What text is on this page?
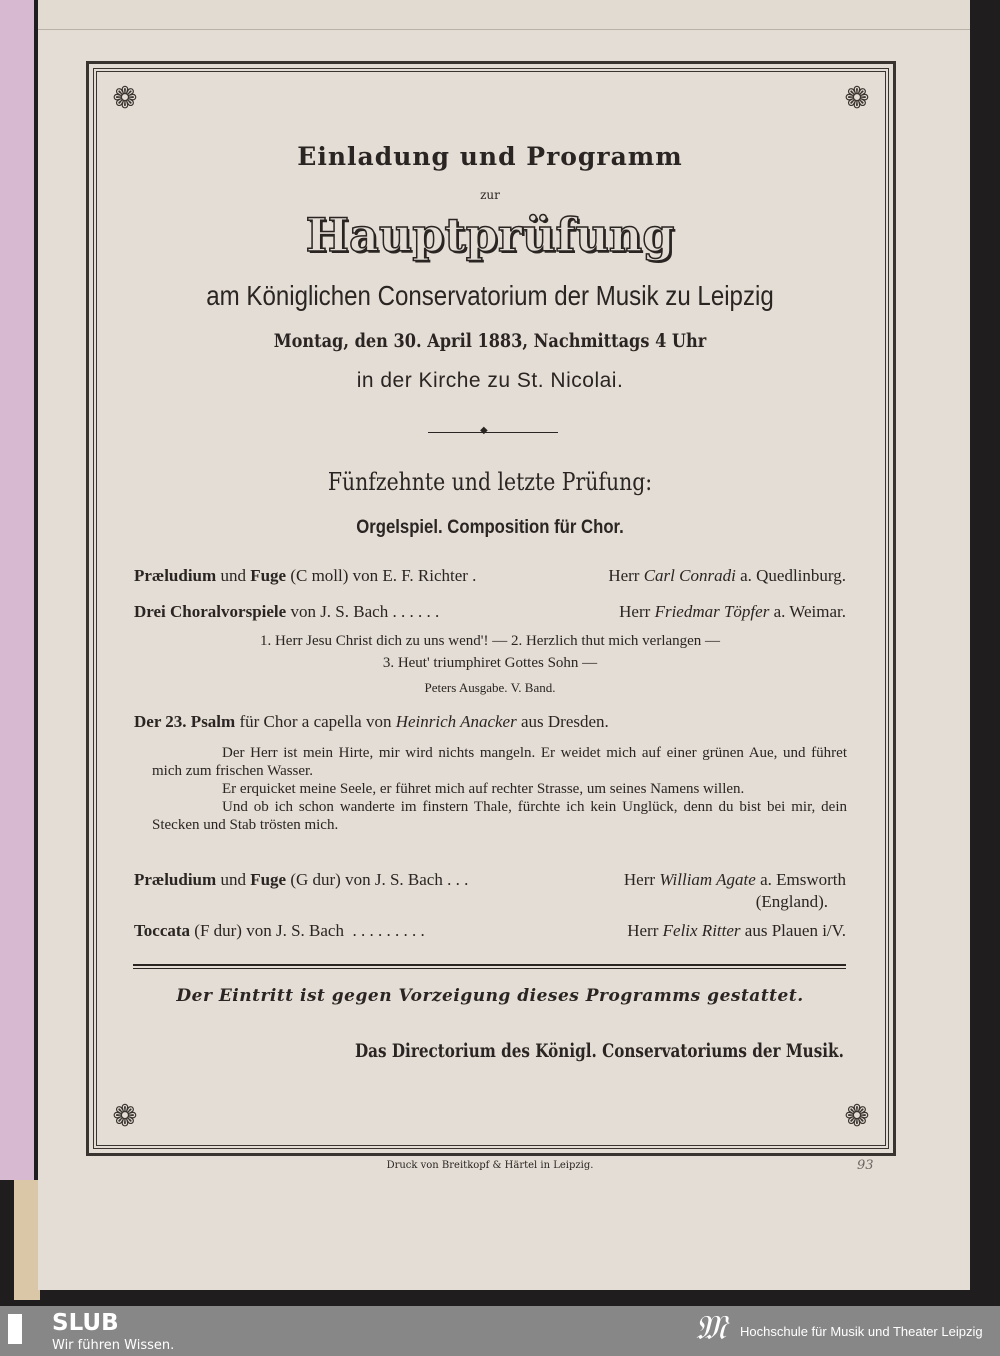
❁	❁
❁	❁
Einladung und Programm
zur
Hauptprüfung
am Königlichen Conservatorium der Musik zu Leipzig
Montag, den 30. April 1883, Nachmittags 4 Uhr
in der Kirche zu St. Nicolai.
◆
Fünfzehnte und letzte Prüfung:
Orgelspiel. Composition für Chor.
Præludium und Fuge (C moll) von E. F. Richter .	Herr Carl Conradi a. Quedlinburg.
Drei Choralvorspiele von J. S. Bach . . . . . .	Herr Friedmar Töpfer a. Weimar.
1. Herr Jesu Christ dich zu uns wend'! — 2. Herzlich thut mich verlangen —
3. Heut' triumphiret Gottes Sohn —
Peters Ausgabe. V. Band.
Der 23. Psalm für Chor a capella von Heinrich Anacker aus Dresden.

Der Herr ist mein Hirte, mir wird nichts mangeln. Er weidet mich auf einer grünen Aue, und führet mich zum frischen Wasser.

Er erquicket meine Seele, er führet mich auf rechter Strasse, um seines Namens willen.

Und ob ich schon wanderte im finstern Thale, fürchte ich kein Unglück, denn du bist bei mir, dein Stecken und Stab trösten mich.

Præludium und Fuge (G dur) von J. S. Bach . . .	Herr William Agate a. Emsworth
(England).
Toccata (F dur) von J. S. Bach  . . . . . . . . .	Herr Felix Ritter aus Plauen i/V.
Der Eintritt ist gegen Vorzeigung dieses Programms gestattet.
Das Directorium des Königl. Conservatoriums der Musik.
Druck von Breitkopf & Härtel in Leipzig.	93
SLUB
Wir führen Wissen.	𝔐 Hochschule für Musik und Theater Leipzig
